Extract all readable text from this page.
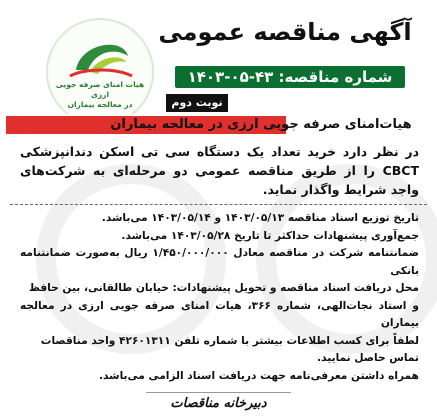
هیات امنای صرفه جویی ارزی
در معالجه بیماران
آگهی مناقصه عمومی
شماره مناقصه: ۴۳-۰۵-۱۴۰۳
نوبت دوم
هیات‌امنای صرفه جویی ارزی در معالجه بیماران
در نظر دارد خرید تعداد یک دستگاه سی تی اسکن دندانپزشکی CBCT را از طریق مناقصه عمومی دو مرحله‌ای به شرکت‌های واجد شرایط واگذار نماید.

تاریخ توزیع اسناد مناقصه ۱۴۰۳/۰۵/۱۳ و ۱۴۰۳/۰۵/۱۴ می‌باشد.

جمع‌آوری پیشنهادات حداکثر تا تاریخ ۱۴۰۳/۰۵/۲۸ می‌باشد.

ضمانتنامه شرکت در مناقصه معادل ۱/۴۵۰/۰۰۰/۰۰۰ ریال به‌صورت ضمانتنامه بانکی

محل دریافت اسناد مناقصه و تحویل پیشنهادات: خیابان طالقانی، بین حافظ

و استاد نجات‌الهی، شماره ۳۶۶، هیات امنای صرفه جویی ارزی در معالجه بیماران

لطفاً برای کسب اطلاعات بیشتر با شماره تلفن ۴۲۶۰۱۳۱۱ واحد مناقصات

تماس حاصل نمایید.

همراه داشتن معرفی‌نامه جهت دریافت اسناد الزامی می‌باشد.

دبیرخانه مناقصات
